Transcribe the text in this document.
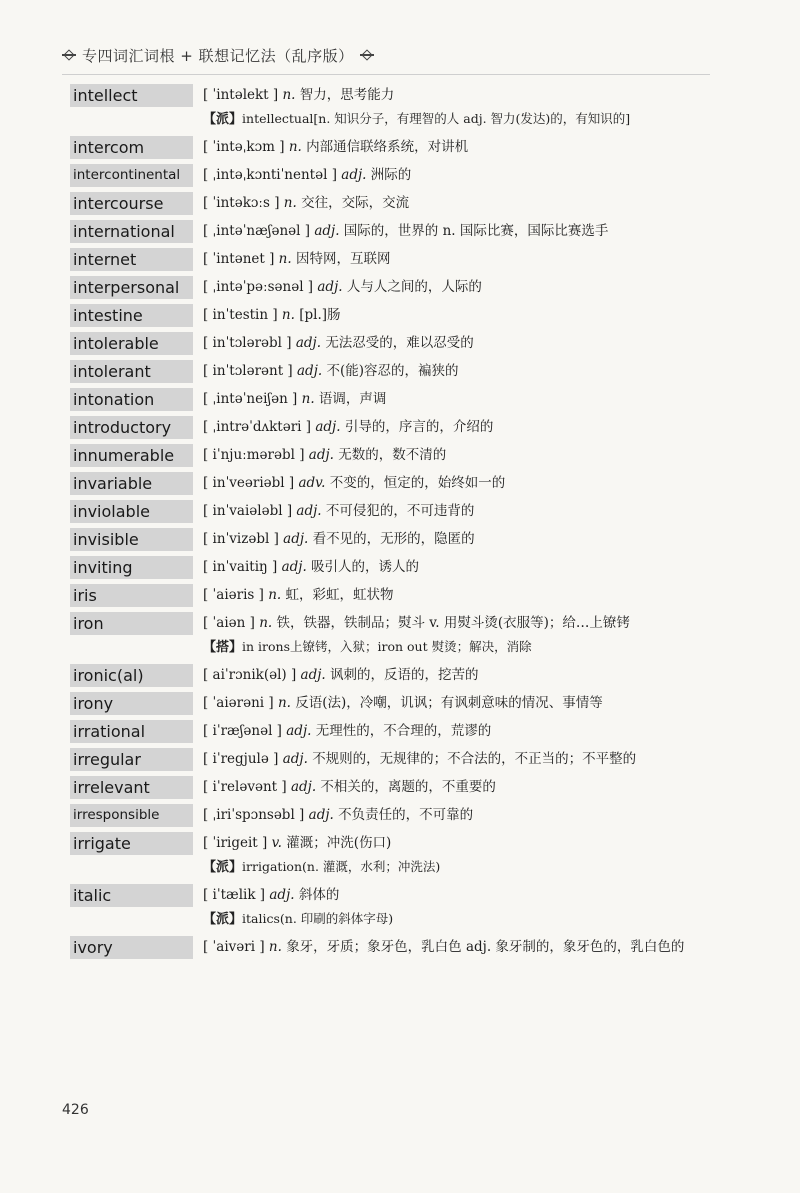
专四词汇词根 + 联想记忆法（乱序版）
intellect	[ ˈintəlekt ] n. 智力，思考能力
【派】intellectual[n. 知识分子，有理智的人 adj. 智力(发达)的，有知识的]
intercom	[ ˈintəˌkɔm ] n. 内部通信联络系统，对讲机
intercontinental	[ ˌintəˌkɔntiˈnentəl ] adj. 洲际的
intercourse	[ ˈintəkɔːs ] n. 交往，交际，交流
international	[ ˌintəˈnæʃənəl ] adj. 国际的，世界的 n. 国际比赛，国际比赛选手
internet	[ ˈintənet ] n. 因特网，互联网
interpersonal	[ ˌintəˈpəːsənəl ] adj. 人与人之间的，人际的
intestine	[ inˈtestin ] n. [pl.]肠
intolerable	[ inˈtɔlərəbl ] adj. 无法忍受的，难以忍受的
intolerant	[ inˈtɔlərənt ] adj. 不(能)容忍的，褊狭的
intonation	[ ˌintəˈneiʃən ] n. 语调，声调
introductory	[ ˌintrəˈdʌktəri ] adj. 引导的，序言的，介绍的
innumerable	[ iˈnjuːmərəbl ] adj. 无数的，数不清的
invariable	[ inˈveəriəbl ] adv. 不变的，恒定的，始终如一的
inviolable	[ inˈvaiələbl ] adj. 不可侵犯的，不可违背的
invisible	[ inˈvizəbl ] adj. 看不见的，无形的，隐匿的
inviting	[ inˈvaitiŋ ] adj. 吸引人的，诱人的
iris	[ ˈaiəris ] n. 虹，彩虹，虹状物
iron	[ ˈaiən ] n. 铁，铁器，铁制品；熨斗 v. 用熨斗烫(衣服等)；给…上镣铐
【搭】in irons上镣铐，入狱；iron out 熨烫；解决，消除
ironic(al)	[ aiˈrɔnik(əl) ] adj. 讽刺的，反语的，挖苦的
irony	[ ˈaiərəni ] n. 反语(法)，冷嘲，讥讽；有讽刺意味的情况、事情等
irrational	[ iˈræʃənəl ] adj. 无理性的，不合理的，荒谬的
irregular	[ iˈregjulə ] adj. 不规则的，无规律的；不合法的，不正当的；不平整的
irrelevant	[ iˈreləvənt ] adj. 不相关的，离题的，不重要的
irresponsible	[ ˌiriˈspɔnsəbl ] adj. 不负责任的，不可靠的
irrigate	[ ˈirigeit ] v. 灌溉；冲洗(伤口)
【派】irrigation(n. 灌溉，水利；冲洗法)
italic	[ iˈtælik ] adj. 斜体的
【派】italics(n. 印刷的斜体字母)
ivory	[ ˈaivəri ] n. 象牙，牙质；象牙色，乳白色 adj. 象牙制的，象牙色的，乳白色的
426
